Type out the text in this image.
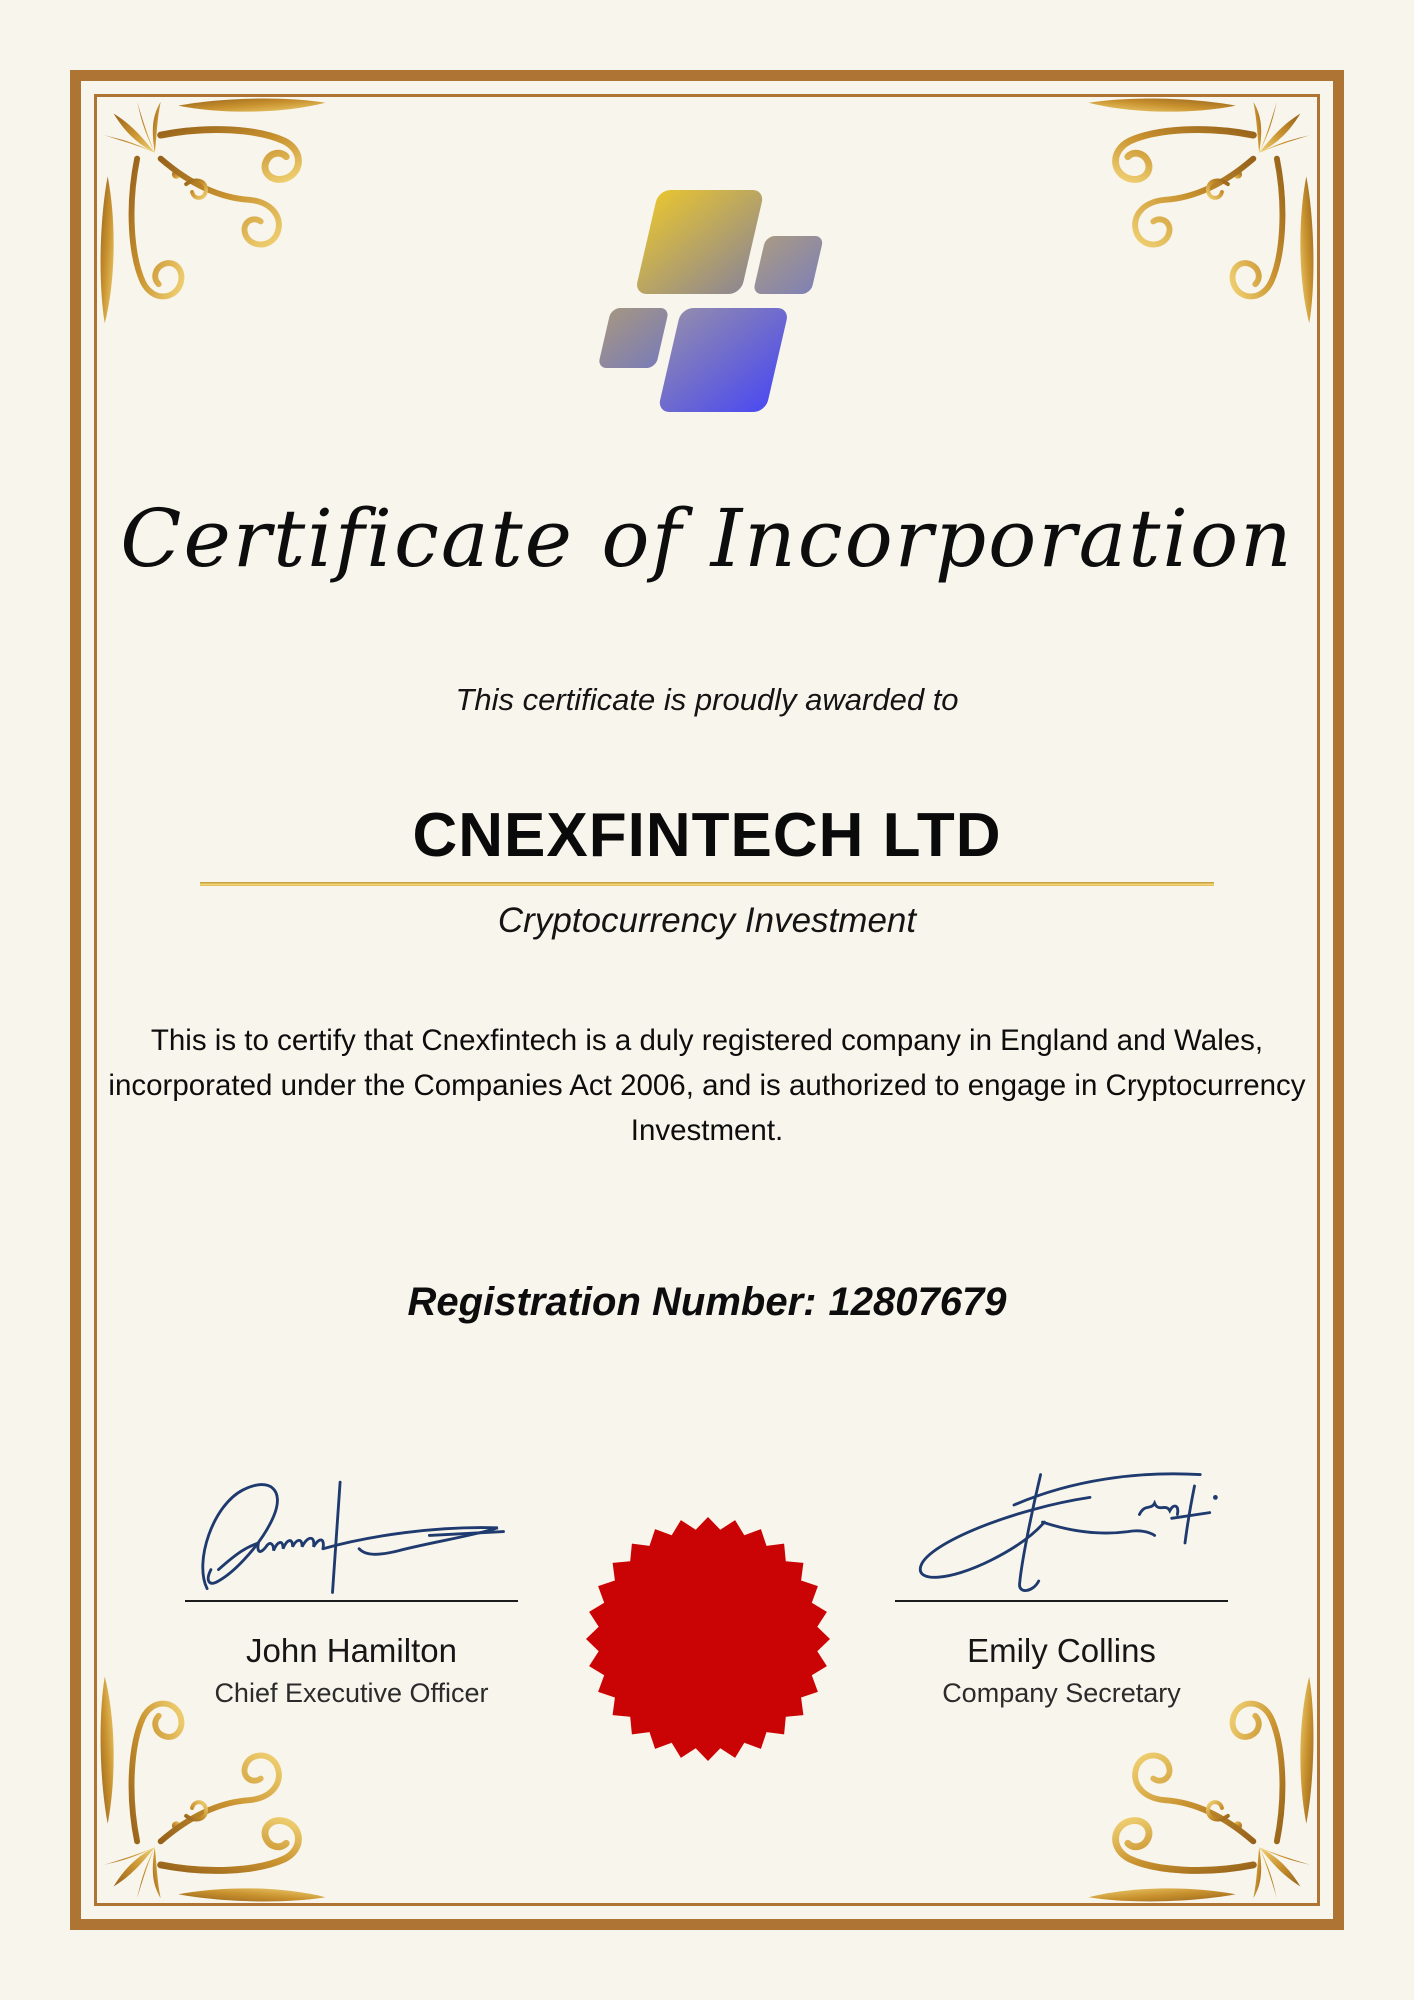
Certificate of Incorporation
This certificate is proudly awarded to
CNEXFINTECH LTD
Cryptocurrency Investment
This is to certify that Cnexfintech is a duly registered company in England and Wales, incorporated under the Companies Act 2006, and is authorized to engage in Cryptocurrency Investment.
Registration Number: 12807679
John Hamilton
Chief Executive Officer
Emily Collins
Company Secretary
